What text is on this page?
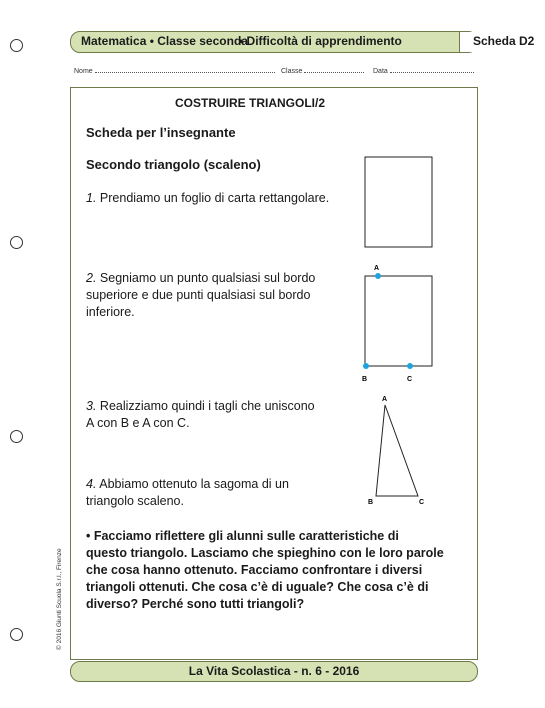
Matematica • Classe seconda
• Difficoltà di apprendimento	Scheda D2
Nome	Classe	Data
COSTRUIRE TRIANGOLI/2
Scheda per l’insegnante
Secondo triangolo (scaleno)
1. Prendiamo un foglio di carta rettangolare.
2. Segniamo un punto qualsiasi sul bordo
superiore e due punti qualsiasi sul bordo
inferiore.
3. Realizziamo quindi i tagli che uniscono
A con B e A con C.
4. Abbiamo ottenuto la sagoma di un
triangolo scaleno.
• Facciamo riflettere gli alunni sulle caratteristiche di
questo triangolo. Lasciamo che spieghino con le loro parole
che cosa hanno ottenuto. Facciamo confrontare i diversi
triangoli ottenuti. Che cosa c’è di uguale? Che cosa c’è di
diverso? Perché sono tutti triangoli?
A
B	C
A
B	C
© 2016 Giunti Scuola S.r.l., Firenze
La Vita Scolastica - n. 6 - 2016
